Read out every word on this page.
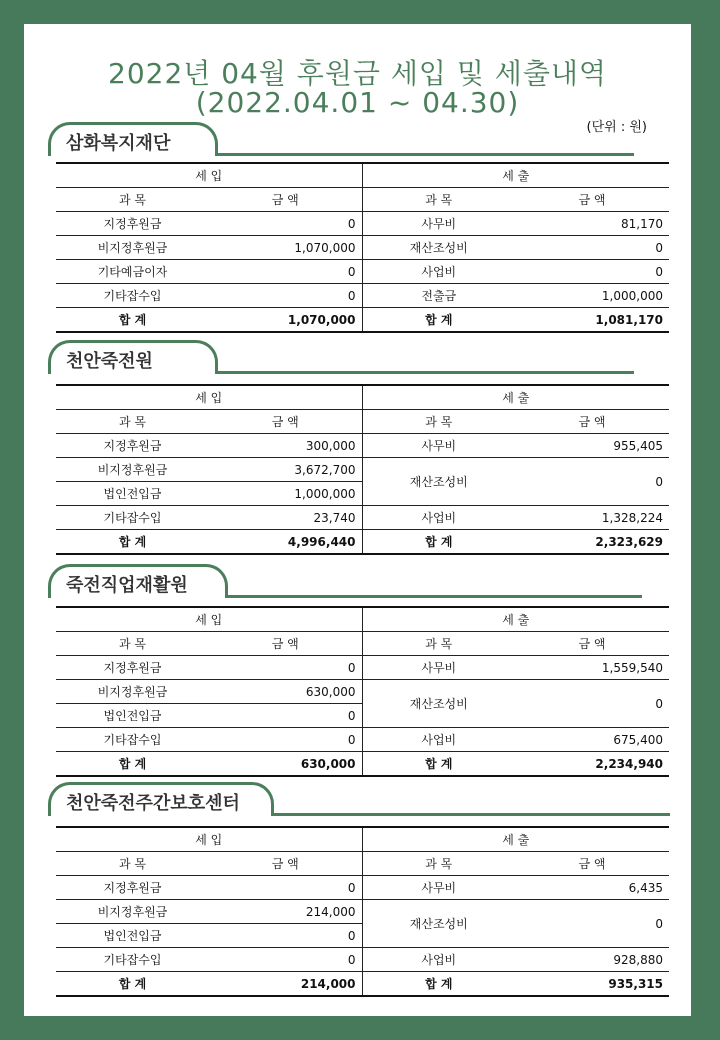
2022년 04월 후원금 세입 및 세출내역
(2022.04.01 ~ 04.30)
(단위 : 원)
삼화복지재단
세 입		세 출	
과 목	금 액	과 목	금 액
지정후원금	0	사무비	81,170
비지정후원금	1,070,000	재산조성비	0
기타예금이자	0	사업비	0
기타잡수입	0	전출금	1,000,000
합 계	1,070,000	합 계	1,081,170
천안죽전원
세 입		세 출	
과 목	금 액	과 목	금 액
지정후원금	300,000	사무비	955,405
비지정후원금	3,672,700	재산조성비	0
법인전입금	1,000,000		
기타잡수입	23,740	사업비	1,328,224
합 계	4,996,440	합 계	2,323,629
죽전직업재활원
세 입		세 출	
과 목	금 액	과 목	금 액
지정후원금	0	사무비	1,559,540
비지정후원금	630,000	재산조성비	0
법인전입금	0		
기타잡수입	0	사업비	675,400
합 계	630,000	합 계	2,234,940
천안죽전주간보호센터
세 입		세 출	
과 목	금 액	과 목	금 액
지정후원금	0	사무비	6,435
비지정후원금	214,000	재산조성비	0
법인전입금	0		
기타잡수입	0	사업비	928,880
합 계	214,000	합 계	935,315
